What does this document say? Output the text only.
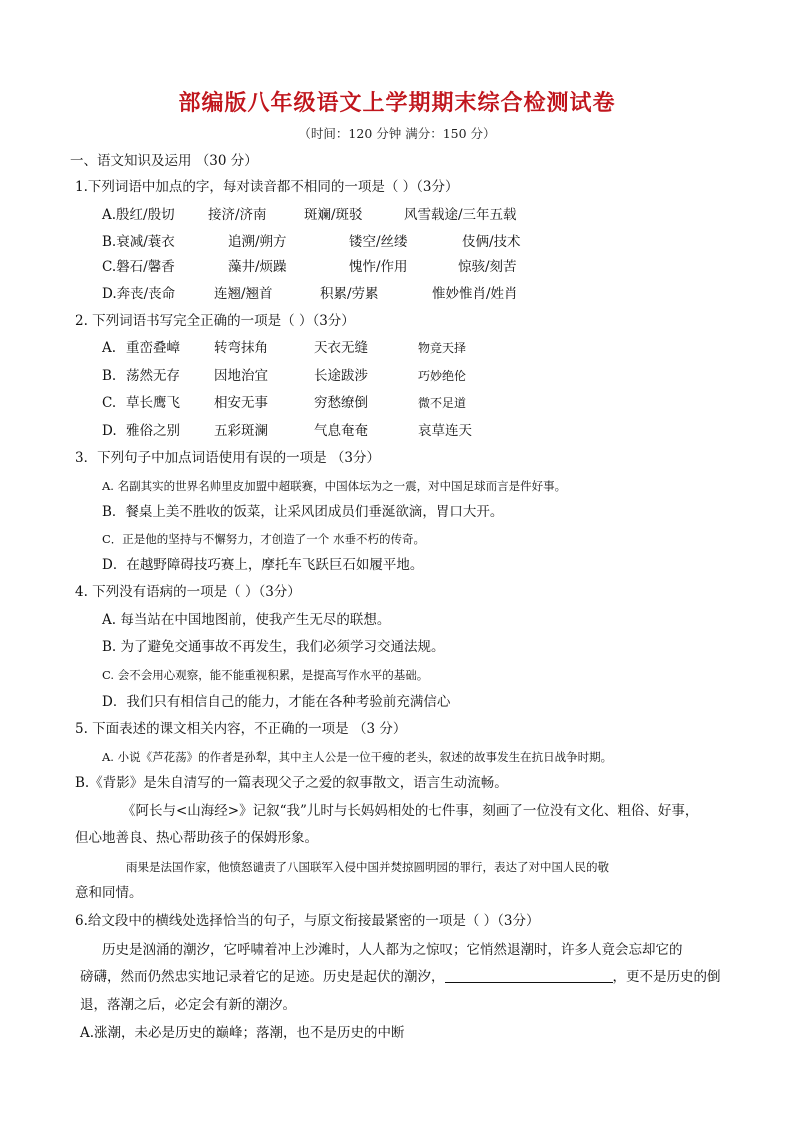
部编版八年级语文上学期期末综合检测试卷
（时间：120 分钟 满分：150 分）
一、语文知识及运用 （30 分）
1.下列词语中加点的字，每对读音都不相同的一项是（ ）（3分）
A.殷红/殷切 接济/济南	斑斓/斑驳	风雪载途/三年五载
B.衰减/蓑衣	追溯/朔方	镂空/丝缕	伎俩/技术
C.磐石/馨香	藻井/烦躁	愧怍/作用	惊骇/刻苦
D.奔丧/丧命	连翘/翘首	积累/劳累	惟妙惟肖/姓肖
2. 下列词语书写完全正确的一项是（ ）（3分）
A. 重峦叠嶂	转弯抹角	天衣无缝	物竞天择
B. 荡然无存	因地治宜	长途跋涉	巧妙绝伦
C. 草长鹰飞	相安无事	穷愁缭倒	微不足道
D. 雅俗之别	五彩斑澜	气息奄奄	哀草连天
3．下列句子中加点词语使用有误的一项是 （3分）
A. 名副其实的世界名帅里皮加盟中超联赛，中国体坛为之一震，对中国足球而言是件好事。
B．餐桌上美不胜收的饭菜，让采风团成员们垂涎欲滴，胃口大开。
C．正是他的坚持与不懈努力，才创造了一个 水垂不朽的传奇。
D．在越野障碍技巧赛上，摩托车飞跃巨石如履平地。
4. 下列没有语病的一项是（ ）（3分）
A. 每当站在中国地图前，使我产生无尽的联想。
B. 为了避免交通事故不再发生，我们必须学习交通法规。
C. 会不会用心观察，能不能重视积累，是提高写作水平的基础。
D．我们只有相信自己的能力，才能在各种考验前充满信心
5. 下面表述的课文相关内容，不正确的一项是 （3 分）
A. 小说《芦花荡》的作者是孙犁，其中主人公是一位干瘦的老头，叙述的故事发生在抗日战争时期。
B.《背影》是朱自清写的一篇表现父子之爱的叙事散文，语言生动流畅。
《阿长与<山海经>》记叙“我”儿时与长妈妈相处的七件事，刻画了一位没有文化、粗俗、好事，
但心地善良、热心帮助孩子的保姆形象。
雨果是法国作家，他愤怒谴责了八国联军入侵中国并焚掠圆明园的罪行，表达了对中国人民的敬
意和同情。
6.给文段中的横线处选择恰当的句子，与原文衔接最紧密的一项是（ ）（3分）
历史是汹涌的潮汐，它呼啸着冲上沙滩时，人人都为之惊叹；它悄然退潮时，许多人竟会忘却它的
磅礴，然而仍然忠实地记录着它的足迹。历史是起伏的潮汐，	，更不是历史的倒
退，落潮之后，必定会有新的潮汐。
A.涨潮，未必是历史的巅峰；落潮，也不是历史的中断
